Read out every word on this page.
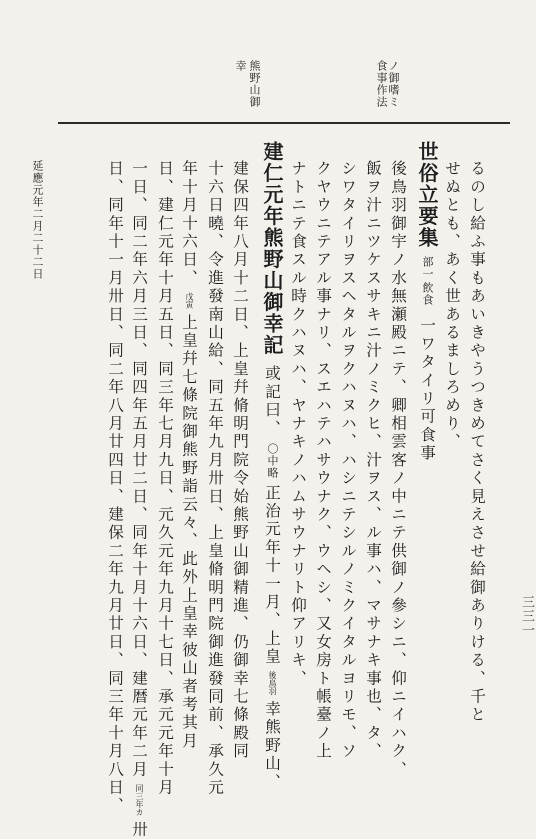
食事作法 ノ御嗜ミ
熊野山御
幸
るのし給ふ事もあいきやうつきめてさく見えさせ給御ありける、千と
せぬとも、あく世あるましろめり、
世俗立要集
飲食
部一
一ワタイリ可食事
後鳥羽御宇ノ水無瀬殿ニテ、卿相雲客ノ中ニテ供御ノ參シニ、仰ニイハク、
飯ヲ汁ニツケスサキニ汁ノミクヒ、汁ヲス、ル事ハ、マサナキ事也、タ、
シワタイリヲスヘタルヲクハヌハ、ハシニテシルノミクイタルヨリモ、ソ
クヤウニテアル事ナリ、スエハテハサウナク、ウヘシ、又女房ト帳臺ノ上
ナトニテ食スル時クハヌハ、ヤナキノハムサウナリト仰アリキ、
建仁元年熊野山御幸記 或記曰、 〇中略 正治元年十一月、上皇 後鳥羽 幸熊野山、
建保四年八月十二日、上皇幷脩明門院令始熊野山御精進、仍御幸七條殿同
十六日曉、令進發南山給、同五年九月卅日、上皇脩明門院御進發同前、承久元
年十月十六日、 戊寅 上皇幷七條院御熊野詣云々、此外上皇幸彼山者考其月
日、建仁元年十月五日、同三年七月九日、元久元年九月十七日、承元元年十月
一日、同二年六月三日、同四年五月廿二日、同年十月十六日、建暦元年二月 同三年カ 卅
日、同年十一月卅日、同二年八月廿四日、建保二年九月廿日、同三年十月八日、
延應元年二月二十二日
三三一
